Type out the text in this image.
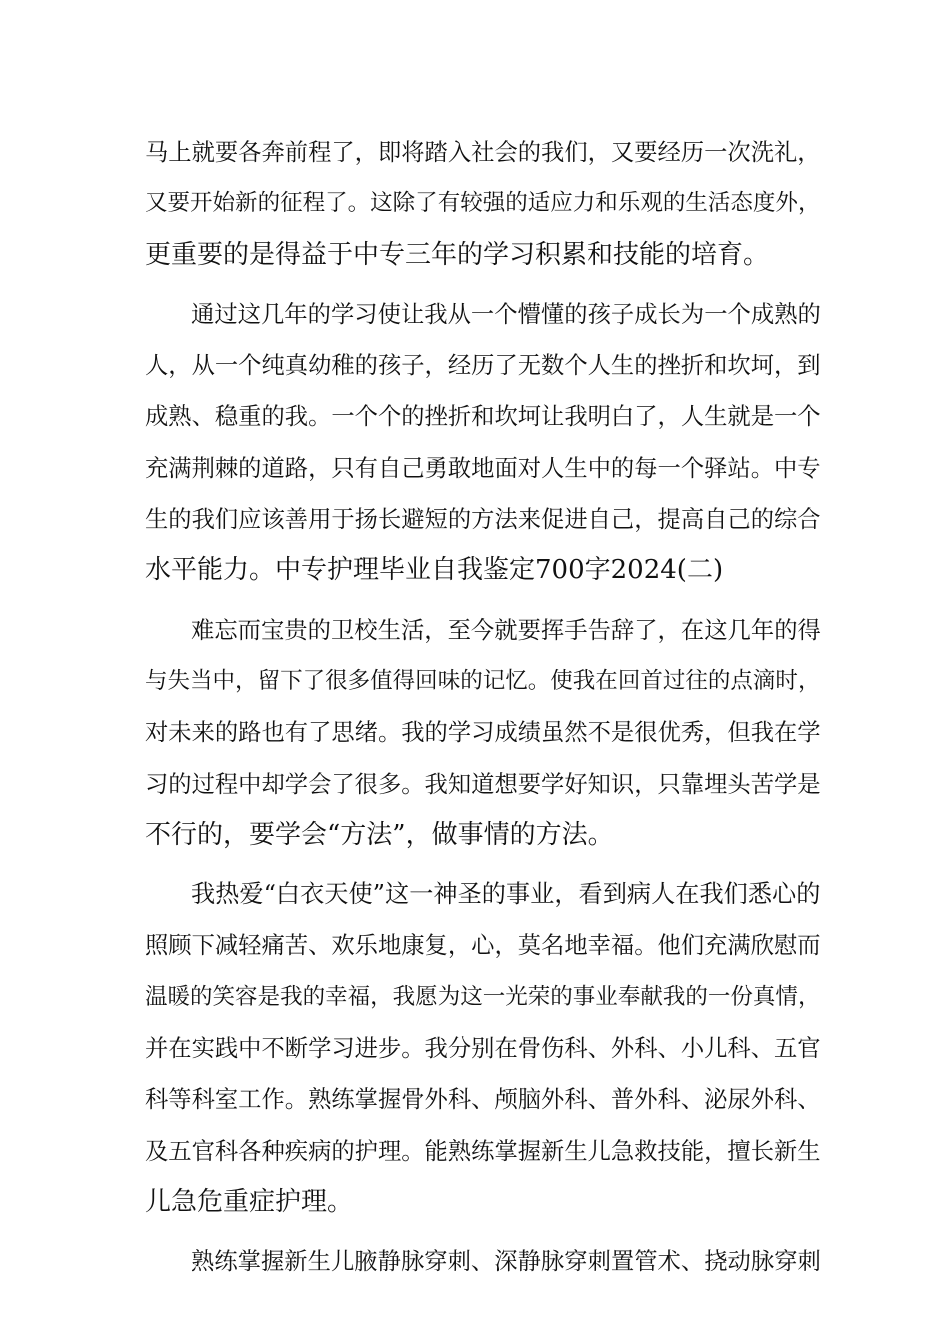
马上就要各奔前程了，即将踏入社会的我们，又要经历一次洗礼，
又要开始新的征程了。这除了有较强的适应力和乐观的生活态度外，
更重要的是得益于中专三年的学习积累和技能的培育。
通过这几年的学习使让我从一个懵懂的孩子成长为一个成熟的
人，从一个纯真幼稚的孩子，经历了无数个人生的挫折和坎坷，到
成熟、稳重的我。一个个的挫折和坎坷让我明白了，人生就是一个
充满荆棘的道路，只有自己勇敢地面对人生中的每一个驿站。中专
生的我们应该善用于扬长避短的方法来促进自己，提高自己的综合
水平能力。中专护理毕业自我鉴定700字2024(二)
难忘而宝贵的卫校生活，至今就要挥手告辞了，在这几年的得
与失当中，留下了很多值得回味的记忆。使我在回首过往的点滴时，
对未来的路也有了思绪。我的学习成绩虽然不是很优秀，但我在学
习的过程中却学会了很多。我知道想要学好知识，只靠埋头苦学是
不行的，要学会“方法”，做事情的方法。
我热爱“白衣天使”这一神圣的事业，看到病人在我们悉心的
照顾下减轻痛苦、欢乐地康复，心，莫名地幸福。他们充满欣慰而
温暖的笑容是我的幸福，我愿为这一光荣的事业奉献我的一份真情，
并在实践中不断学习进步。我分别在骨伤科、外科、小儿科、五官
科等科室工作。熟练掌握骨外科、颅脑外科、普外科、泌尿外科、
及五官科各种疾病的护理。能熟练掌握新生儿急救技能，擅长新生
儿急危重症护理。
熟练掌握新生儿腋静脉穿刺、深静脉穿刺置管术、挠动脉穿刺
